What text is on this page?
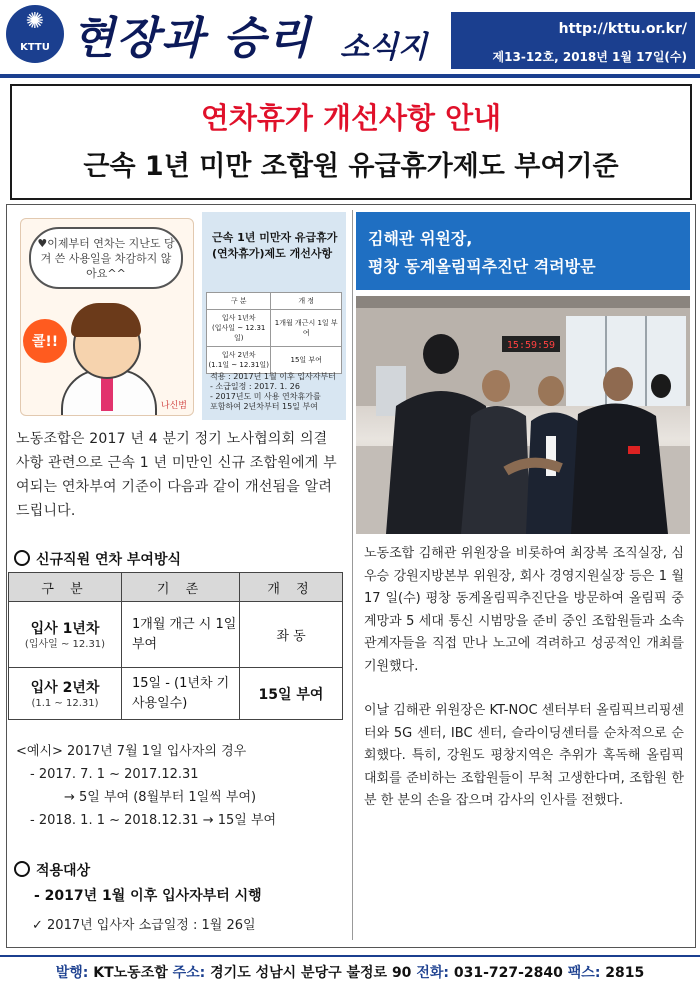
✺
KTTU 현장과 승리 소식지
http://kttu.or.kr/
제13-12호, 2018년 1월 17일(수)
연차휴가 개선사항 안내
근속 1년 미만 조합원 유급휴가제도 부여기준
♥이제부터 연차는 지난도 당겨 쓴 사용일을 차감하지 않아요^^
콜!!
나신범
근속 1년 미만자 유급휴가(연차휴가)제도 개선사항
구 분	개 정
입사 1년차
(입사일 ~ 12.31일)	1개월 개근시 1일 부여
입사 2년차
(1.1일 ~ 12.31일)	15일 부여
적용 : 2017년 1월 이후 입사자부터
- 소급일정 : 2017. 1. 26
- 2017년도 미 사용 연차휴가를
포함하여 2년차부터 15일 부여
노동조합은 2017 년 4 분기 정기 노사협의회 의결사항 관련으로 근속 1 년 미만인 신규 조합원에게 부여되는 연차부여 기준이 다음과 같이 개선됨을 알려드립니다.
신규직원 연차 부여방식
구 분	기 존	개 정
입사 1년차
(입사일 ~ 12.31)	1개월 개근 시 1일 부여	좌 동
입사 2년차
(1.1 ~ 12.31)	15일 - (1년차 기 사용일수)	15일 부여
<예시> 2017년 7월 1일 입사자의 경우
- 2017. 7. 1 ~ 2017.12.31
→ 5일 부여 (8월부터 1일씩 부여)
- 2018. 1. 1 ~ 2018.12.31 → 15일 부여
적용대상
- 2017년 1월 이후 입사자부터 시행
✓ 2017년 입사자 소급일정 : 1월 26일
김해관 위원장,
평창 동계올림픽추진단 격려방문
15:59:59

노동조합 김해관 위원장을 비롯하여 최장복 조직실장, 심우승 강원지방본부 위원장, 회사 경영지원실장 등은 1 월 17 일(수) 평창 동계올림픽추진단을 방문하여 올림픽 중계망과 5 세대 통신 시범망을 준비 중인 조합원들과 소속 관계자들을 직접 만나 노고에 격려하고 성공적인 개최를 기원했다.

이날 김해관 위원장은 KT-NOC 센터부터 올림픽브리핑센터와 5G 센터, IBC 센터, 슬라이딩센터를 순차적으로 순회했다. 특히, 강원도 평창지역은 추위가 혹독해 올림픽대회를 준비하는 조합원들이 무척 고생한다며, 조합원 한 분 한 분의 손을 잡으며 감사의 인사를 전했다.

발행: KT노동조합 주소: 경기도 성남시 분당구 불정로 90 전화: 031-727-2840 팩스: 2815
